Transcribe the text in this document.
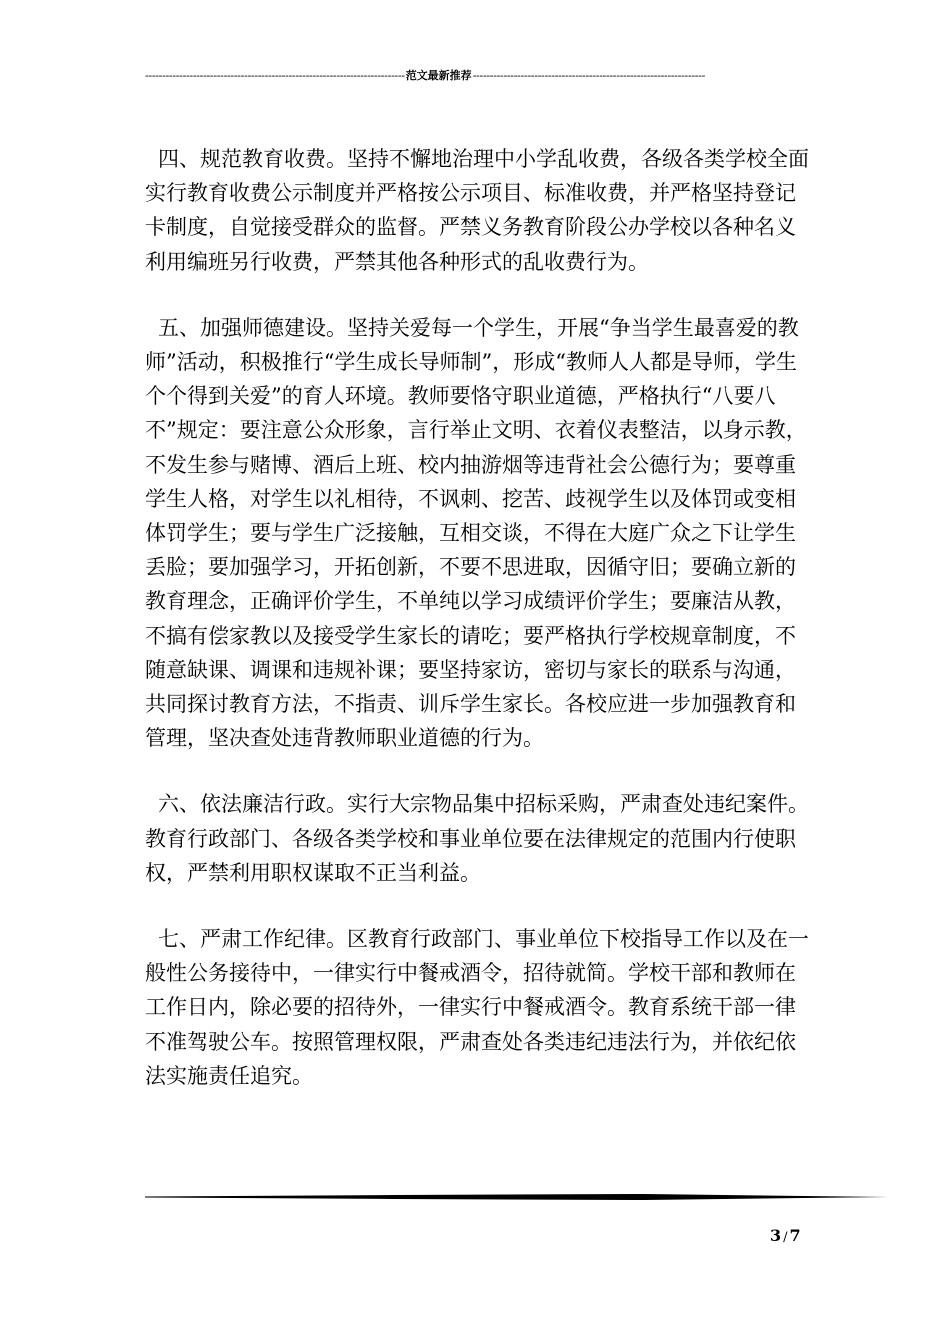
----------------------------------------------------------------------------范文最新推荐--------------------------------------------------------------------

四、规范教育收费。坚持不懈地治理中小学乱收费，各级各类学校全面实行教育收费公示制度并严格按公示项目、标准收费，并严格坚持登记卡制度，自觉接受群众的监督。严禁义务教育阶段公办学校以各种名义利用编班另行收费，严禁其他各种形式的乱收费行为。

五、加强师德建设。坚持关爱每一个学生，开展“争当学生最喜爱的教师”活动，积极推行“学生成长导师制”，形成“教师人人都是导师，学生个个得到关爱”的育人环境。教师要恪守职业道德，严格执行“八要八不”规定：要注意公众形象，言行举止文明、衣着仪表整洁，以身示教，不发生参与赌博、酒后上班、校内抽游烟等违背社会公德行为；要尊重学生人格，对学生以礼相待，不讽刺、挖苦、歧视学生以及体罚或变相体罚学生；要与学生广泛接触，互相交谈，不得在大庭广众之下让学生丢脸；要加强学习，开拓创新，不要不思进取，因循守旧；要确立新的教育理念，正确评价学生，不单纯以学习成绩评价学生；要廉洁从教，不搞有偿家教以及接受学生家长的请吃；要严格执行学校规章制度，不随意缺课、调课和违规补课；要坚持家访，密切与家长的联系与沟通，共同探讨教育方法，不指责、训斥学生家长。各校应进一步加强教育和管理，坚决查处违背教师职业道德的行为。

六、依法廉洁行政。实行大宗物品集中招标采购，严肃查处违纪案件。教育行政部门、各级各类学校和事业单位要在法律规定的范围内行使职权，严禁利用职权谋取不正当利益。

七、严肃工作纪律。区教育行政部门、事业单位下校指导工作以及在一般性公务接待中，一律实行中餐戒酒令，招待就简。学校干部和教师在工作日内，除必要的招待外，一律实行中餐戒酒令。教育系统干部一律不准驾驶公车。按照管理权限，严肃查处各类违纪违法行为，并依纪依法实施责任追究。

3 / 7
